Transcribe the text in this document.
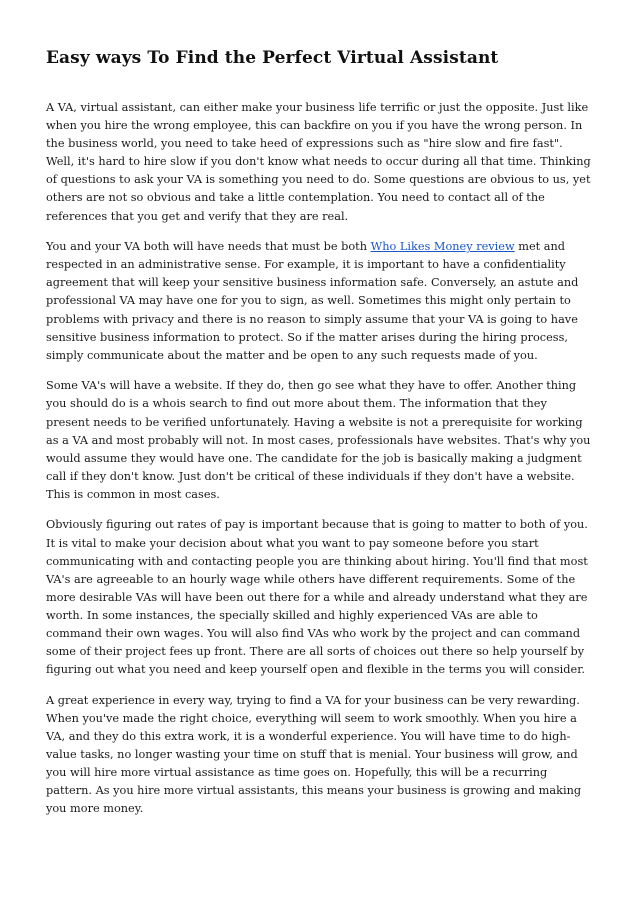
Easy ways To Find the Perfect Virtual Assistant

A VA, virtual assistant, can either make your business life terrific or just the opposite. Just like when you hire the wrong employee, this can backfire on you if you have the wrong person. In the business world, you need to take heed of expressions such as "hire slow and fire fast". Well, it's hard to hire slow if you don't know what needs to occur during all that time. Thinking of questions to ask your VA is something you need to do. Some questions are obvious to us, yet others are not so obvious and take a little contemplation. You need to contact all of the references that you get and verify that they are real.

You and your VA both will have needs that must be both Who Likes Money review met and respected in an administrative sense. For example, it is important to have a confidentiality agreement that will keep your sensitive business information safe. Conversely, an astute and professional VA may have one for you to sign, as well. Sometimes this might only pertain to problems with privacy and there is no reason to simply assume that your VA is going to have sensitive business information to protect. So if the matter arises during the hiring process, simply communicate about the matter and be open to any such requests made of you.

Some VA's will have a website. If they do, then go see what they have to offer. Another thing you should do is a whois search to find out more about them. The information that they present needs to be verified unfortunately. Having a website is not a prerequisite for working as a VA and most probably will not. In most cases, professionals have websites. That's why you would assume they would have one. The candidate for the job is basically making a judgment call if they don't know. Just don't be critical of these individuals if they don't have a website. This is common in most cases.

Obviously figuring out rates of pay is important because that is going to matter to both of you. It is vital to make your decision about what you want to pay someone before you start communicating with and contacting people you are thinking about hiring. You'll find that most VA's are agreeable to an hourly wage while others have different requirements. Some of the more desirable VAs will have been out there for a while and already understand what they are worth. In some instances, the specially skilled and highly experienced VAs are able to command their own wages. You will also find VAs who work by the project and can command some of their project fees up front. There are all sorts of choices out there so help yourself by figuring out what you need and keep yourself open and flexible in the terms you will consider.

A great experience in every way, trying to find a VA for your business can be very rewarding. When you've made the right choice, everything will seem to work smoothly. When you hire a VA, and they do this extra work, it is a wonderful experience. You will have time to do high-value tasks, no longer wasting your time on stuff that is menial. Your business will grow, and you will hire more virtual assistance as time goes on. Hopefully, this will be a recurring pattern. As you hire more virtual assistants, this means your business is growing and making you more money.
